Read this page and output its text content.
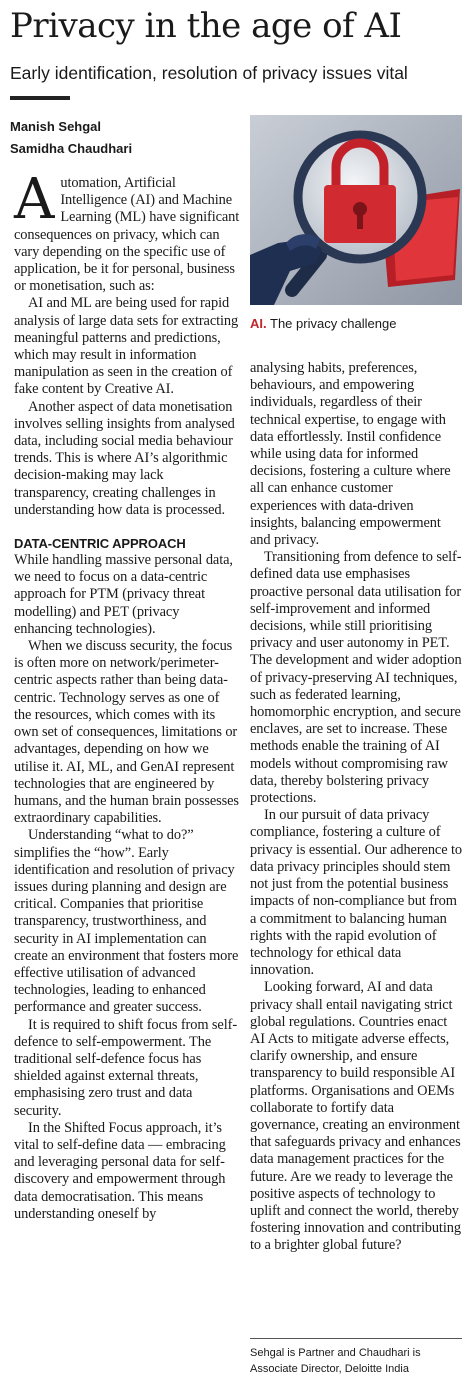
Privacy in the age of AI
Early identification, resolution of privacy issues vital
Manish Sehgal
Samidha Chaudhari

Automation, Artificial Intelligence (AI) and Machine Learning (ML) have significant consequences on privacy, which can vary depending on the specific use of application, be it for personal, business or monetisation, such as:

AI and ML are being used for rapid analysis of large data sets for extracting meaningful patterns and predictions, which may result in information manipulation as seen in the creation of fake content by Creative AI.

Another aspect of data monetisation involves selling insights from analysed data, including social media behaviour trends. This is where AI’s algorithmic decision-making may lack transparency, creating challenges in understanding how data is processed.

DATA-CENTRIC APPROACH

While handling massive personal data, we need to focus on a data-centric approach for PTM (privacy threat modelling) and PET (privacy enhancing technologies).

When we discuss security, the focus is often more on network/perimeter-centric aspects rather than being data-centric. Technology serves as one of the resources, which comes with its own set of consequences, limitations or advantages, depending on how we utilise it. AI, ML, and GenAI represent technologies that are engineered by humans, and the human brain possesses extraordinary capabilities.

Understanding “what to do?” simplifies the “how”. Early identification and resolution of privacy issues during planning and design are critical. Companies that prioritise transparency, trustworthiness, and security in AI implementation can create an environment that fosters more effective utilisation of advanced technologies, leading to enhanced performance and greater success.

It is required to shift focus from self-defence to self-empowerment. The traditional self-defence focus has shielded against external threats, emphasising zero trust and data security.

In the Shifted Focus approach, it’s vital to self-define data — embracing and leveraging personal data for self-discovery and empowerment through data democratisation. This means understanding oneself by

AI. The privacy challenge

analysing habits, preferences, behaviours, and empowering individuals, regardless of their technical expertise, to engage with data effortlessly. Instil confidence while using data for informed decisions, fostering a culture where all can enhance customer experiences with data-driven insights, balancing empowerment and privacy.

Transitioning from defence to self-defined data use emphasises proactive personal data utilisation for self-improvement and informed decisions, while still prioritising privacy and user autonomy in PET. The development and wider adoption of privacy-preserving AI techniques, such as federated learning, homomorphic encryption, and secure enclaves, are set to increase. These methods enable the training of AI models without compromising raw data, thereby bolstering privacy protections.

In our pursuit of data privacy compliance, fostering a culture of privacy is essential. Our adherence to data privacy principles should stem not just from the potential business impacts of non-compliance but from a commitment to balancing human rights with the rapid evolution of technology for ethical data innovation.

Looking forward, AI and data privacy shall entail navigating strict global regulations. Countries enact AI Acts to mitigate adverse effects, clarify ownership, and ensure transparency to build responsible AI platforms. Organisations and OEMs collaborate to fortify data governance, creating an environment that safeguards privacy and enhances data management practices for the future. Are we ready to leverage the positive aspects of technology to uplift and connect the world, thereby fostering innovation and contributing to a brighter global future?

Sehgal is Partner and Chaudhari is Associate Director, Deloitte India
